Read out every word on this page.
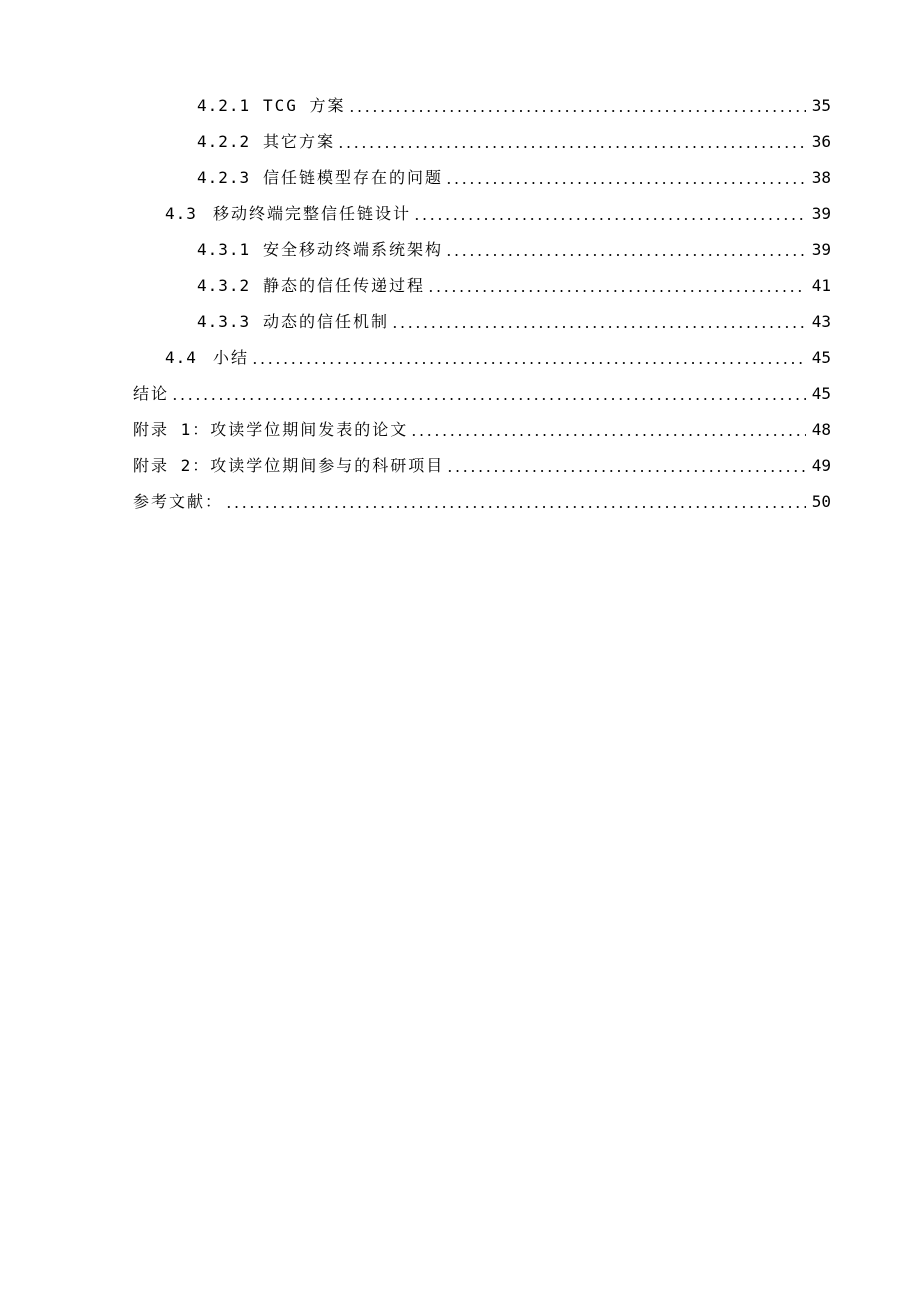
4.2.1 TCG 方案	35
4.2.2 其它方案	36
4.2.3 信任链模型存在的问题	38
4.3	移动终端完整信任链设计	39
4.3.1 安全移动终端系统架构	39
4.3.2 静态的信任传递过程	41
4.3.3 动态的信任机制	43
4.4	小结	45
结论	45
附录 1：攻读学位期间发表的论文	48
附录 2：攻读学位期间参与的科研项目	49
参考文献：	50
